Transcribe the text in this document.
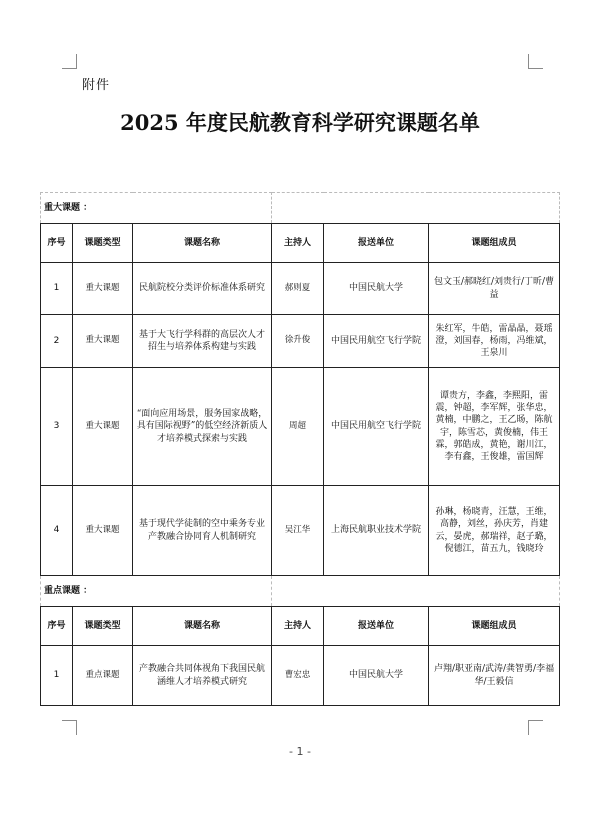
附件
2025 年度民航教育科学研究课题名单
重大课题 ：					
序号	课题类型	课题名称	主持人	报送单位	课题组成员
1	重大课题	民航院校分类评价标准体系研究	郝则夏	中国民航大学	包文玉/郝晓红/刘贵行/丁昕/曹益
2	重大课题	基于大飞行学科群的高层次人才招生与培养体系构建与实践	徐升俊	中国民用航空飞行学院	朱红军，牛皓，雷晶晶，聂瑶澄，刘国春，杨雨，冯维斌，王泉川
3	重大课题	“面向应用场景，服务国家战略，具有国际视野”的低空经济新质人才培养模式探索与实践	周超	中国民用航空飞行学院	谭贵方，李鑫，李熙阳，雷震，钟超，李军辉，张华忠，黄楠，中鹏之，王乙旸，陈航宇，陈雪芯，黄俊楠，伟王霖，郭皓成，黄艳，谢川江，李有鑫，王俊雄，雷国辉
4	重大课题	基于现代学徒制的空中乘务专业产教融合协同育人机制研究	吴江华	上海民航职业技术学院	孙琳，杨晓青，汪慧，王维，高静，刘丝，孙庆芳，肖建云，晏虎，郝瑞祥，赵子璐，倪德江，苗五九，钱晓玲
重点课题 ：					
序号	课题类型	课题名称	主持人	报送单位	课题组成员
1	重点课题	产教融合共同体视角下我国民航涵维人才培养模式研究	曹宏忠	中国民航大学	卢翔/职亚南/武涛/龚智勇/李福华/王毅信
- 1 -
